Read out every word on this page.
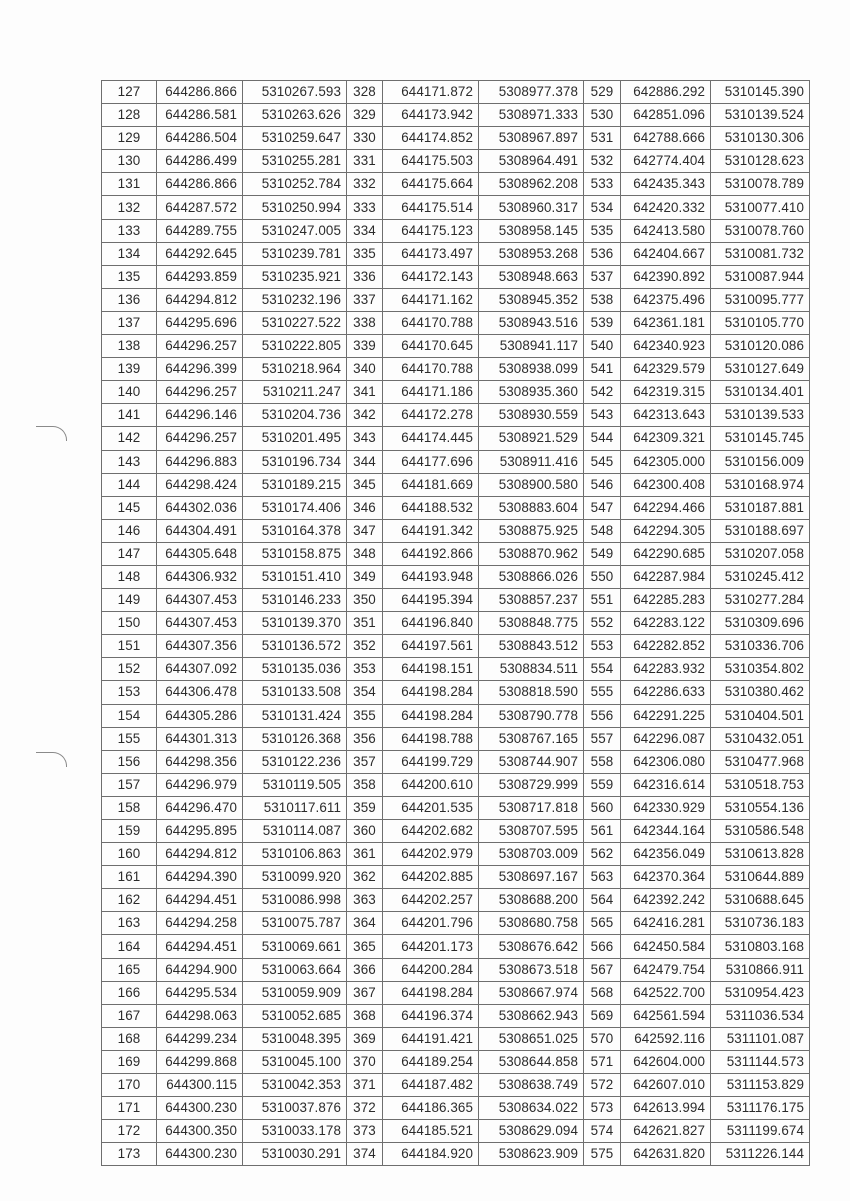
127	644286.866	5310267.593	328	644171.872	5308977.378	529	642886.292	5310145.390
128	644286.581	5310263.626	329	644173.942	5308971.333	530	642851.096	5310139.524
129	644286.504	5310259.647	330	644174.852	5308967.897	531	642788.666	5310130.306
130	644286.499	5310255.281	331	644175.503	5308964.491	532	642774.404	5310128.623
131	644286.866	5310252.784	332	644175.664	5308962.208	533	642435.343	5310078.789
132	644287.572	5310250.994	333	644175.514	5308960.317	534	642420.332	5310077.410
133	644289.755	5310247.005	334	644175.123	5308958.145	535	642413.580	5310078.760
134	644292.645	5310239.781	335	644173.497	5308953.268	536	642404.667	5310081.732
135	644293.859	5310235.921	336	644172.143	5308948.663	537	642390.892	5310087.944
136	644294.812	5310232.196	337	644171.162	5308945.352	538	642375.496	5310095.777
137	644295.696	5310227.522	338	644170.788	5308943.516	539	642361.181	5310105.770
138	644296.257	5310222.805	339	644170.645	5308941.117	540	642340.923	5310120.086
139	644296.399	5310218.964	340	644170.788	5308938.099	541	642329.579	5310127.649
140	644296.257	5310211.247	341	644171.186	5308935.360	542	642319.315	5310134.401
141	644296.146	5310204.736	342	644172.278	5308930.559	543	642313.643	5310139.533
142	644296.257	5310201.495	343	644174.445	5308921.529	544	642309.321	5310145.745
143	644296.883	5310196.734	344	644177.696	5308911.416	545	642305.000	5310156.009
144	644298.424	5310189.215	345	644181.669	5308900.580	546	642300.408	5310168.974
145	644302.036	5310174.406	346	644188.532	5308883.604	547	642294.466	5310187.881
146	644304.491	5310164.378	347	644191.342	5308875.925	548	642294.305	5310188.697
147	644305.648	5310158.875	348	644192.866	5308870.962	549	642290.685	5310207.058
148	644306.932	5310151.410	349	644193.948	5308866.026	550	642287.984	5310245.412
149	644307.453	5310146.233	350	644195.394	5308857.237	551	642285.283	5310277.284
150	644307.453	5310139.370	351	644196.840	5308848.775	552	642283.122	5310309.696
151	644307.356	5310136.572	352	644197.561	5308843.512	553	642282.852	5310336.706
152	644307.092	5310135.036	353	644198.151	5308834.511	554	642283.932	5310354.802
153	644306.478	5310133.508	354	644198.284	5308818.590	555	642286.633	5310380.462
154	644305.286	5310131.424	355	644198.284	5308790.778	556	642291.225	5310404.501
155	644301.313	5310126.368	356	644198.788	5308767.165	557	642296.087	5310432.051
156	644298.356	5310122.236	357	644199.729	5308744.907	558	642306.080	5310477.968
157	644296.979	5310119.505	358	644200.610	5308729.999	559	642316.614	5310518.753
158	644296.470	5310117.611	359	644201.535	5308717.818	560	642330.929	5310554.136
159	644295.895	5310114.087	360	644202.682	5308707.595	561	642344.164	5310586.548
160	644294.812	5310106.863	361	644202.979	5308703.009	562	642356.049	5310613.828
161	644294.390	5310099.920	362	644202.885	5308697.167	563	642370.364	5310644.889
162	644294.451	5310086.998	363	644202.257	5308688.200	564	642392.242	5310688.645
163	644294.258	5310075.787	364	644201.796	5308680.758	565	642416.281	5310736.183
164	644294.451	5310069.661	365	644201.173	5308676.642	566	642450.584	5310803.168
165	644294.900	5310063.664	366	644200.284	5308673.518	567	642479.754	5310866.911
166	644295.534	5310059.909	367	644198.284	5308667.974	568	642522.700	5310954.423
167	644298.063	5310052.685	368	644196.374	5308662.943	569	642561.594	5311036.534
168	644299.234	5310048.395	369	644191.421	5308651.025	570	642592.116	5311101.087
169	644299.868	5310045.100	370	644189.254	5308644.858	571	642604.000	5311144.573
170	644300.115	5310042.353	371	644187.482	5308638.749	572	642607.010	5311153.829
171	644300.230	5310037.876	372	644186.365	5308634.022	573	642613.994	5311176.175
172	644300.350	5310033.178	373	644185.521	5308629.094	574	642621.827	5311199.674
173	644300.230	5310030.291	374	644184.920	5308623.909	575	642631.820	5311226.144
